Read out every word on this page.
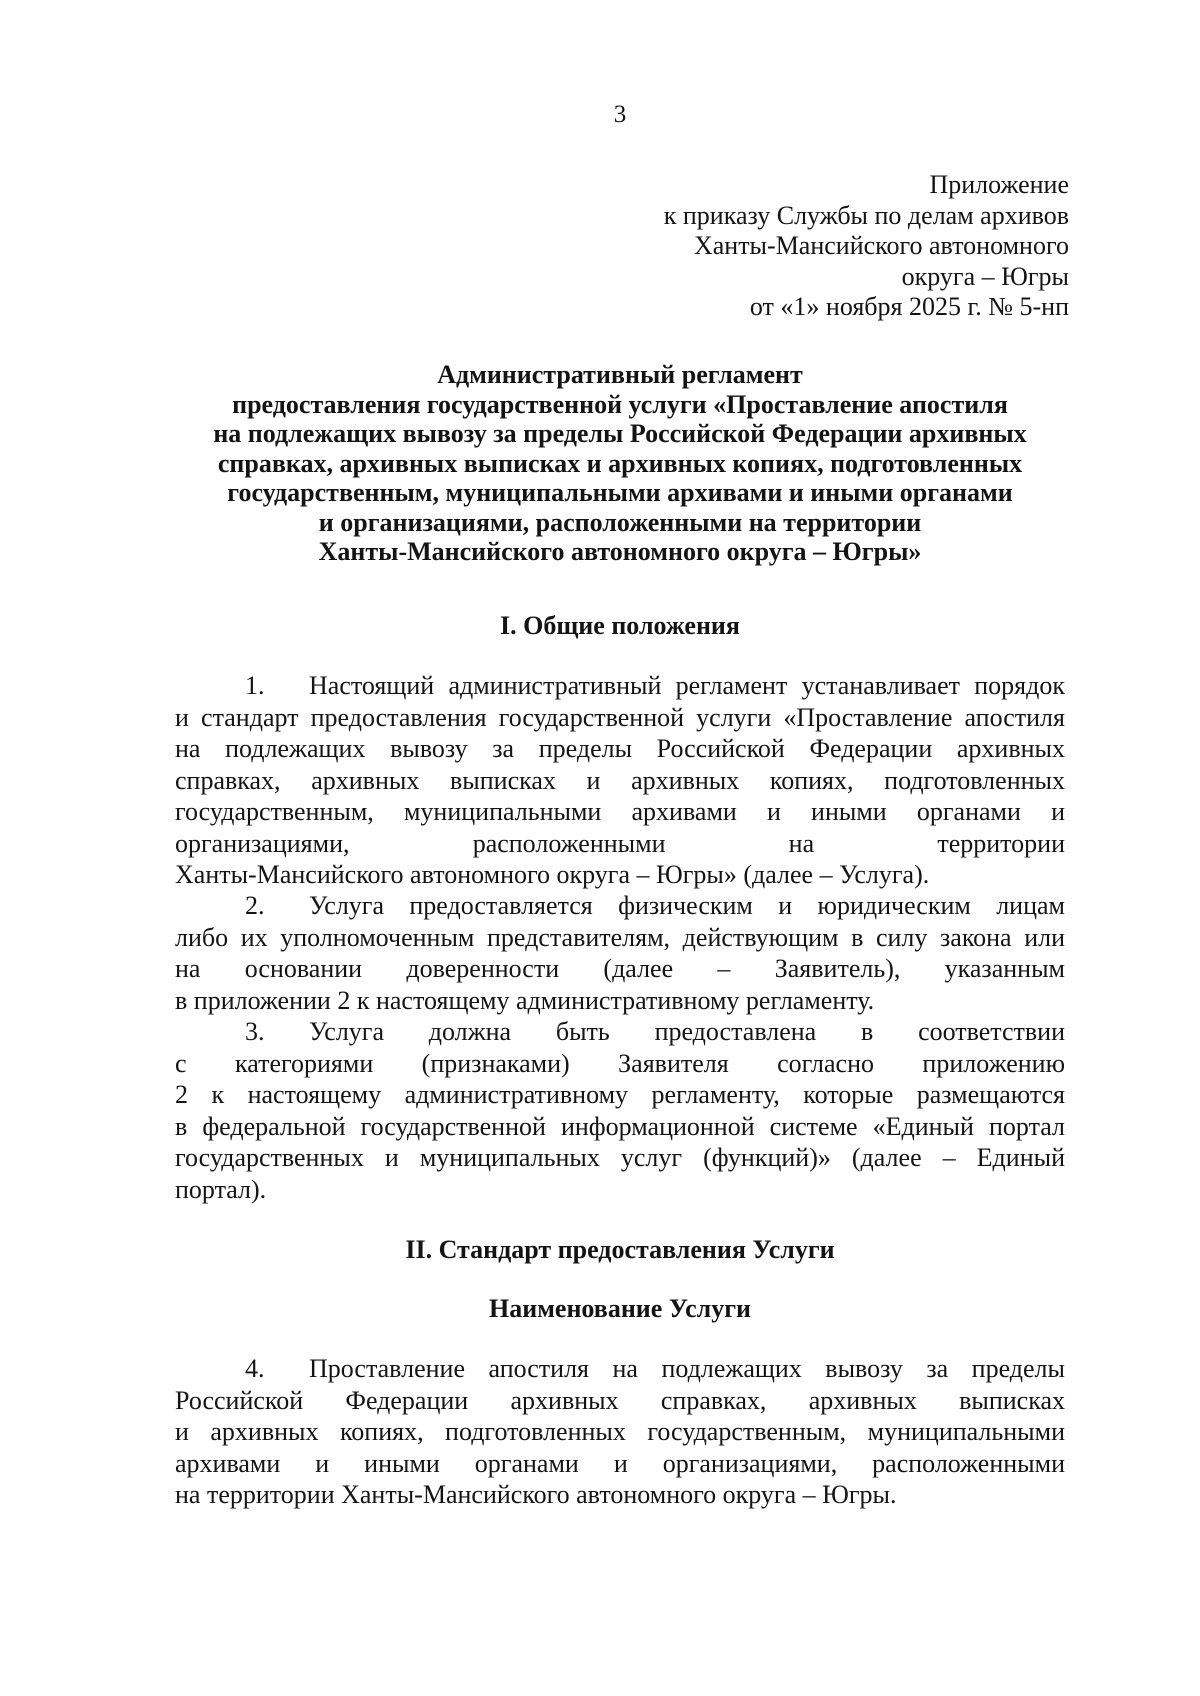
3
Приложение
к приказу Службы по делам архивов
Ханты-Мансийского автономного
округа – Югры
от «1» ноября 2025 г. № 5-нп
Административный регламент
предоставления государственной услуги «Проставление апостиля
на подлежащих вывозу за пределы Российской Федерации архивных
справках, архивных выписках и архивных копиях, подготовленных
государственным, муниципальными архивами и иными органами
и организациями, расположенными на территории
Ханты-Мансийского автономного округа – Югры»
I. Общие положения
1. Настоящий административный регламент устанавливает порядок
и стандарт предоставления государственной услуги «Проставление апостиля
на подлежащих вывозу за пределы Российской Федерации архивных
справках, архивных выписках и архивных копиях, подготовленных
государственным, муниципальными архивами и иными органами и
организациями, расположенными на территории
Ханты-Мансийского автономного округа – Югры» (далее – Услуга).
2. Услуга предоставляется физическим и юридическим лицам
либо их уполномоченным представителям, действующим в силу закона или
на основании доверенности (далее – Заявитель), указанным
в приложении 2 к настоящему административному регламенту.
3. Услуга должна быть предоставлена в соответствии
с категориями (признаками) Заявителя согласно приложению
2 к настоящему административному регламенту, которые размещаются
в федеральной государственной информационной системе «Единый портал
государственных и муниципальных услуг (функций)» (далее – Единый
портал).
II. Стандарт предоставления Услуги
Наименование Услуги
4. Проставление апостиля на подлежащих вывозу за пределы
Российской Федерации архивных справках, архивных выписках
и архивных копиях, подготовленных государственным, муниципальными
архивами и иными органами и организациями, расположенными
на территории Ханты-Мансийского автономного округа – Югры.
